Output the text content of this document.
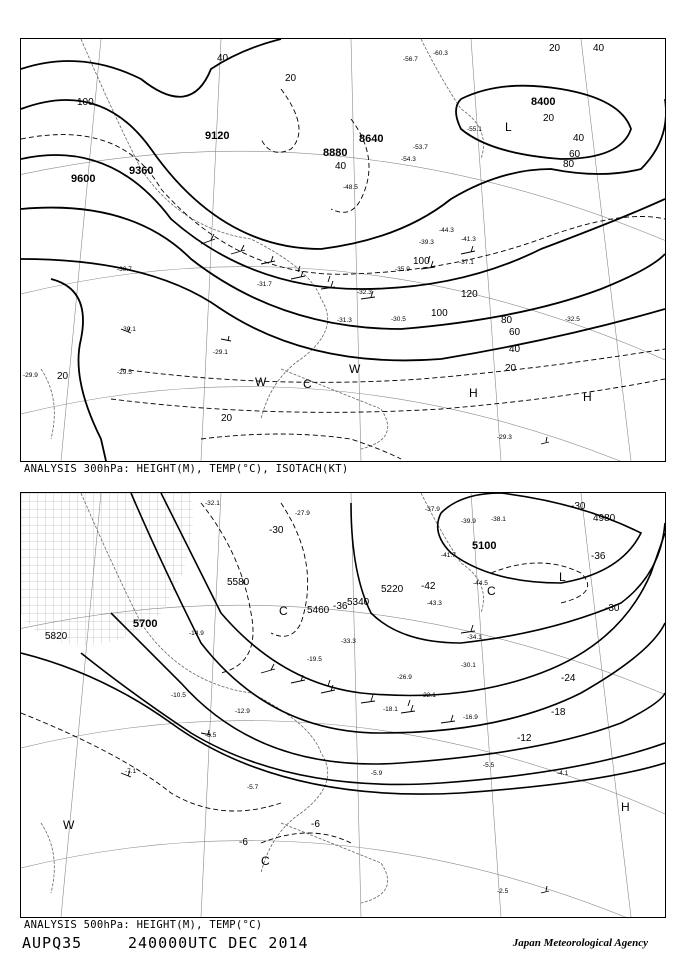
9600
9360
9120
8880
8640
8400
100
20
40
20	40
20
40
60
80
100
120
100
80
60
40
20
20
20
40
L
W	C
W
H	H
-56.7
-60.3
-55.1
-53.7
-54.3
-48.5
-44.3
-41.3
-37.1
-39.3
-35.9
-32.3
-31.3
-31.7
-30.5
-30.7
-30.1
-29.1
-29.5
-32.5
-29.9
-29.3
ANALYSIS 300hPa: HEIGHT(M), TEMP(°C), ISOTACH(KT)
5820
5700
5580
5460
5340
5220
5100
4980
-30
-36
-42
-36
-30
-24
-18
-12
-6
-6
-30
L
C
C
W
C
H
-27.9
-32.1
-37.9
-39.9 -38.1
-41.7
-43.3
-44.5
-34.1
-33.3
-30.1
-26.9
-22.1
-16.9
-18.1
-19.5
-14.9
-12.9
-10.5
-8.5
-7.1
-5.7
-5.5
-5.9	-4.1
-2.5
ANALYSIS 500hPa: HEIGHT(M), TEMP(°C)
AUPQ35	240000UTC DEC 2014	Japan Meteorological Agency
